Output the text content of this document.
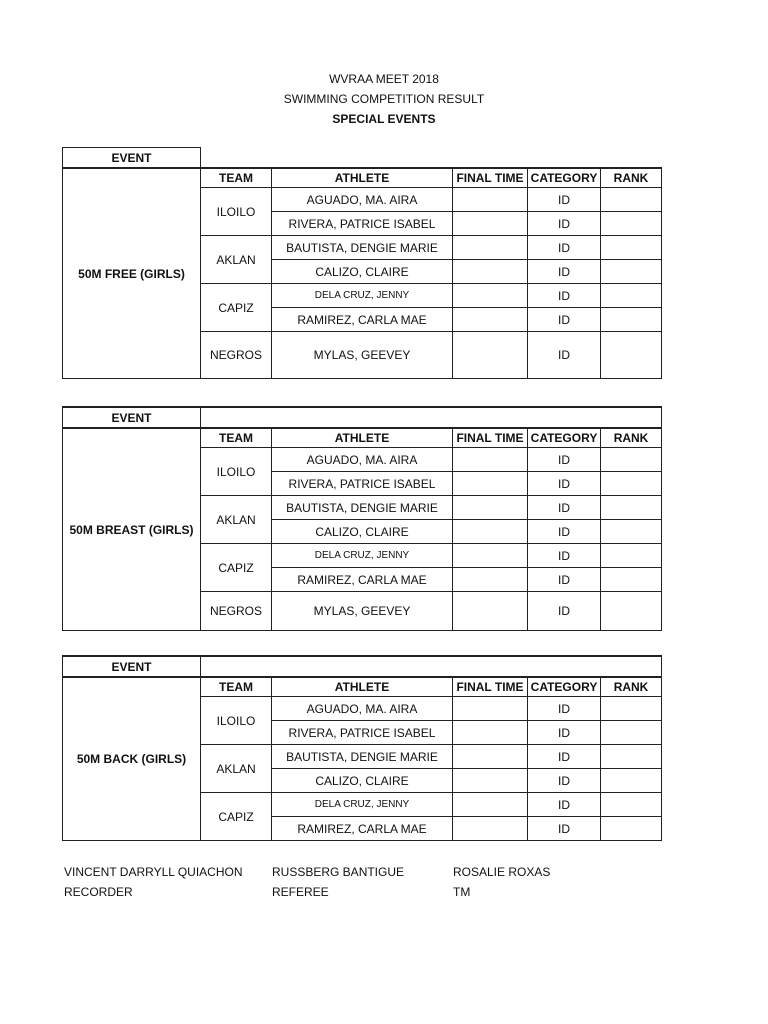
WVRAA MEET 2018
SWIMMING COMPETITION RESULT
SPECIAL EVENTS
EVENT					
50M FREE (GIRLS)	TEAM	ATHLETE	FINAL TIME	CATEGORY	RANK
	ILOILO	AGUADO, MA. AIRA		ID	
		RIVERA, PATRICE ISABEL		ID	
	AKLAN	BAUTISTA, DENGIE MARIE		ID	
		CALIZO, CLAIRE		ID	
	CAPIZ	DELA CRUZ, JENNY		ID	
		RAMIREZ, CARLA MAE		ID	
	NEGROS	MYLAS, GEEVEY		ID	
EVENT					
50M BREAST (GIRLS)	TEAM	ATHLETE	FINAL TIME	CATEGORY	RANK
	ILOILO	AGUADO, MA. AIRA		ID	
		RIVERA, PATRICE ISABEL		ID	
	AKLAN	BAUTISTA, DENGIE MARIE		ID	
		CALIZO, CLAIRE		ID	
	CAPIZ	DELA CRUZ, JENNY		ID	
		RAMIREZ, CARLA MAE		ID	
	NEGROS	MYLAS, GEEVEY		ID	
EVENT					
50M BACK (GIRLS)	TEAM	ATHLETE	FINAL TIME	CATEGORY	RANK
	ILOILO	AGUADO, MA. AIRA		ID	
		RIVERA, PATRICE ISABEL		ID	
	AKLAN	BAUTISTA, DENGIE MARIE		ID	
		CALIZO, CLAIRE		ID	
	CAPIZ	DELA CRUZ, JENNY		ID	
		RAMIREZ, CARLA MAE		ID	
VINCENT DARRYLL QUIACHON
RECORDER
RUSSBERG BANTIGUE
REFEREE
ROSALIE ROXAS
TM
